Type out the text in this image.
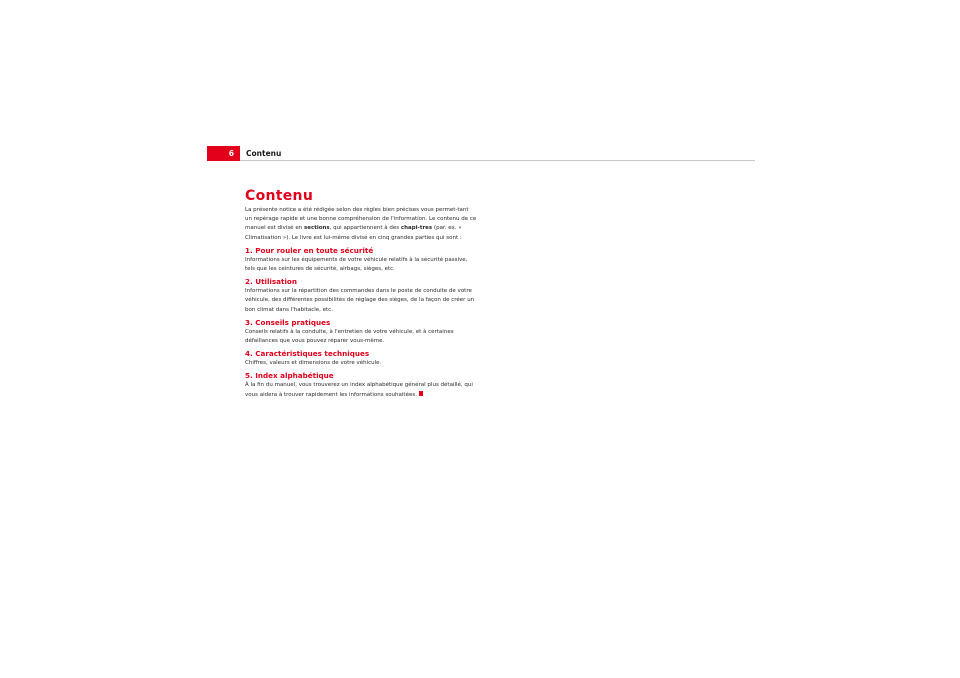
6	Contenu
Contenu

La présente notice a été rédigée selon des règles bien précises vous permet-tant un repérage rapide et une bonne compréhension de l'information. Le contenu de ce manuel est divisé en sections, qui appartiennent à des chapi-tres (par. ex. « Climatisation »). Le livre est lui-même divisé en cinq grandes parties qui sont :

1. Pour rouler en toute sécurité

Informations sur les équipements de votre véhicule relatifs à la sécurité passive, tels que les ceintures de sécurité, airbags, sièges, etc.

2. Utilisation

Informations sur la répartition des commandes dans le poste de conduite de votre véhicule, des différentes possibilités de réglage des sièges, de la façon de créer un bon climat dans l'habitacle, etc.

3. Conseils pratiques

Conseils relatifs à la conduite, à l'entretien de votre véhicule, et à certaines défaillances que vous pouvez réparer vous-même.

4. Caractéristiques techniques

Chiffres, valeurs et dimensions de votre véhicule.

5. Index alphabétique

À la fin du manuel, vous trouverez un index alphabétique général plus détaillé, qui vous aidera à trouver rapidement les informations souhaitées.
